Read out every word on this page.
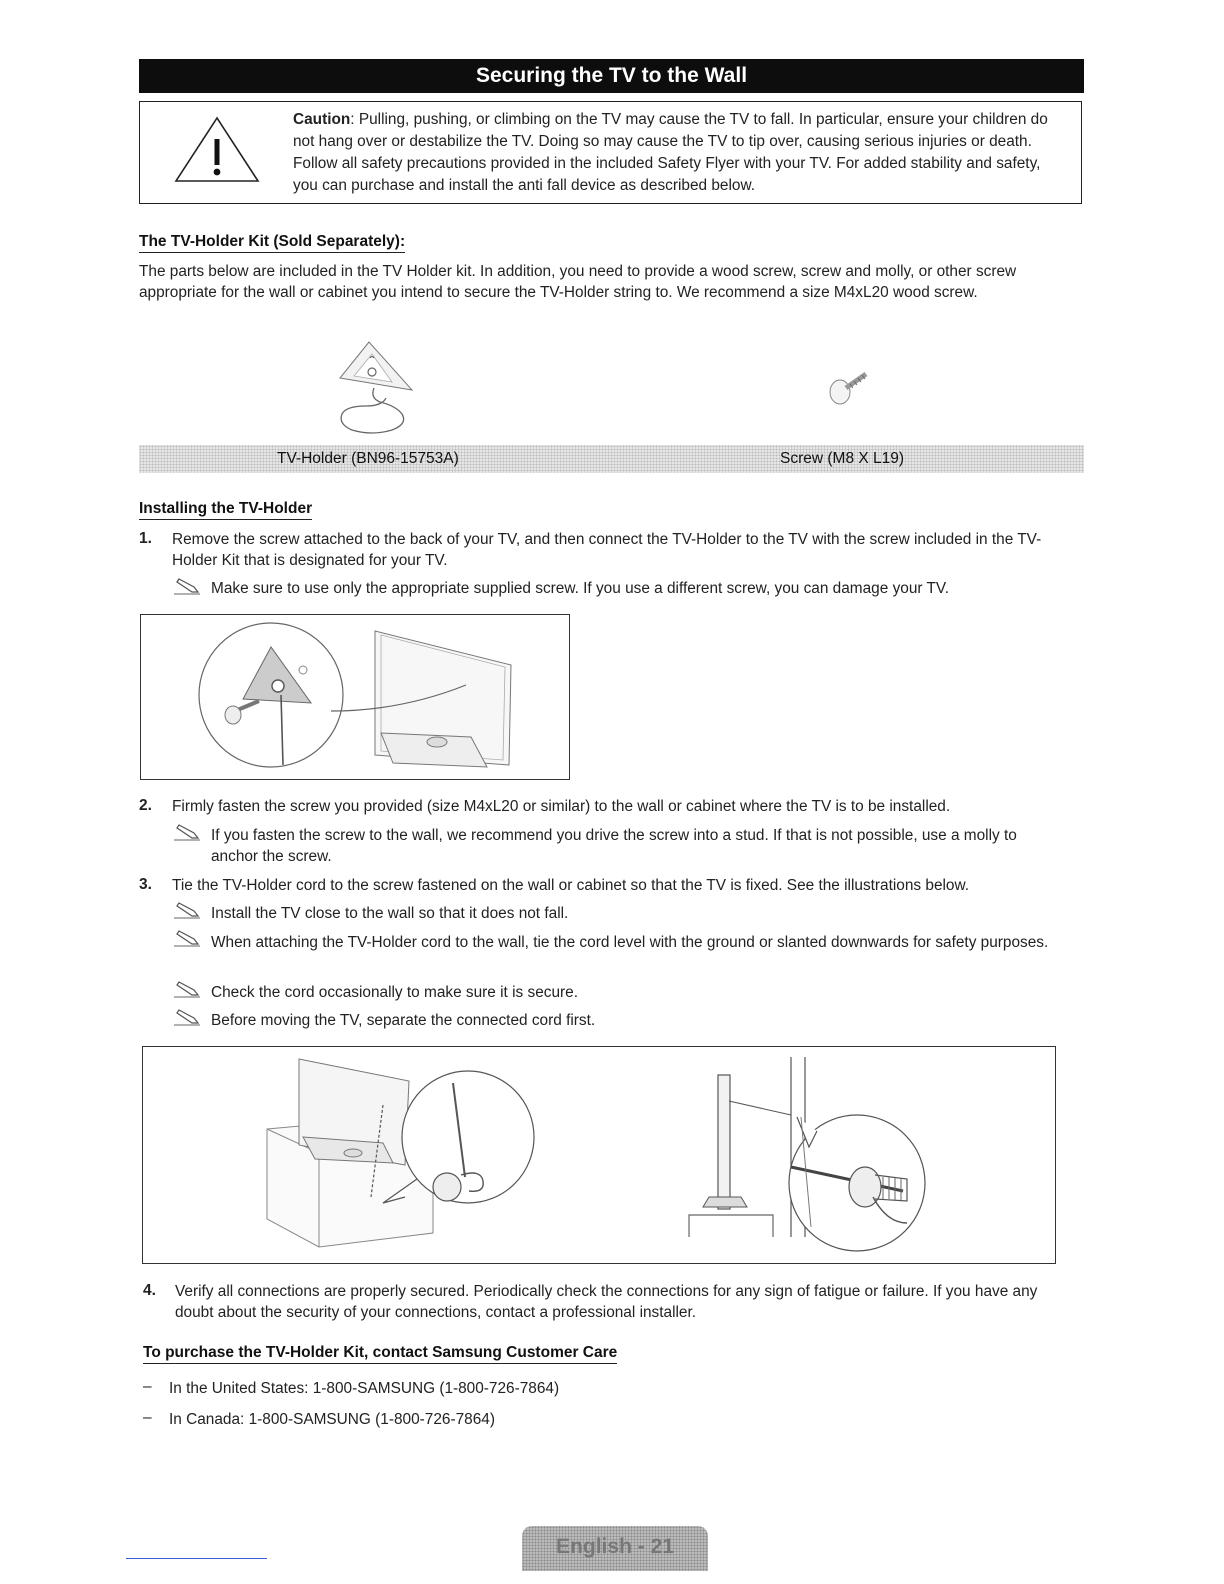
Securing the TV to the Wall
Caution: Pulling, pushing, or climbing on the TV may cause the TV to fall. In particular, ensure your children do not hang over or destabilize the TV. Doing so may cause the TV to tip over, causing serious injuries or death. Follow all safety precautions provided in the included Safety Flyer with your TV. For added stability and safety, you can purchase and install the anti fall device as described below.
The TV-Holder Kit (Sold Separately):
The parts below are included in the TV Holder kit. In addition, you need to provide a wood screw, screw and molly, or other screw appropriate for the wall or cabinet you intend to secure the TV-Holder string to. We recommend a size M4xL20 wood screw.
TV-Holder (BN96-15753A)	Screw (M8 X L19)
Installing the TV-Holder
1. Remove the screw attached to the back of your TV, and then connect the TV-Holder to the TV with the screw included in the TV-Holder Kit that is designated for your TV.
Make sure to use only the appropriate supplied screw. If you use a different screw, you can damage your TV.
2. Firmly fasten the screw you provided (size M4xL20 or similar) to the wall or cabinet where the TV is to be installed.
If you fasten the screw to the wall, we recommend you drive the screw into a stud. If that is not possible, use a molly to anchor the screw.
3. Tie the TV-Holder cord to the screw fastened on the wall or cabinet so that the TV is fixed. See the illustrations below.
Install the TV close to the wall so that it does not fall.
When attaching the TV-Holder cord to the wall, tie the cord level with the ground or slanted downwards for safety purposes.
Check the cord occasionally to make sure it is secure.
Before moving the TV, separate the connected cord first.
4. Verify all connections are properly secured. Periodically check the connections for any sign of fatigue or failure. If you have any doubt about the security of your connections, contact a professional installer.
To purchase the TV-Holder Kit, contact Samsung Customer Care
– In the United States: 1-800-SAMSUNG (1-800-726-7864)
– In Canada: 1-800-SAMSUNG (1-800-726-7864)
English - 21
